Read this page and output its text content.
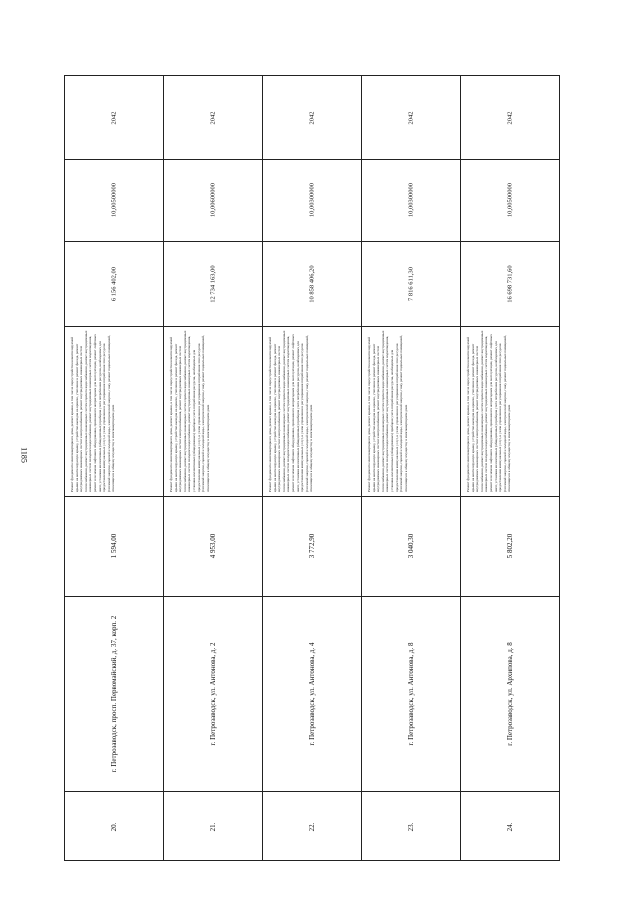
1185
20.
г. Петрозаводск, просп. Первомайский, д. 37, корп. 2
1 594,00
Ремонт фундамента многоквартирного дома, ремонт крыши, в том числе переустройство невентилируемой крыши на вентилируемую крышу, устройство выходов на кровлю, утепление и ремонт фасада, ремонт внутридомовых инженерных систем электроснабжения, ремонт внутридомовых инженерных систем теплоснабжения, ремонт внутридомовых инженерных систем горячего водоснабжения, ремонт внутридомовых инженерных систем холодного водоснабжения, ремонт внутридомовых инженерных систем водоотведения, ремонт или замена лифтового оборудования, признанного непригодным для эксплуатации, ремонт лифтовых шахт, установка коллективных (общедомовых) приборов учета потребления ресурсов, необходимых для предоставления коммунальных услуг, и узлов управления и регулирования потребления этих ресурсов (тепловой энергии, горячей и холодной воды, электрической энергии, газа), ремонт подвальных помещений, относящихся к общему имуществу в многоквартирном доме
6 156 402,00
10,00500000
2042
21.
г. Петрозаводск, ул. Антонова, д. 2
4 953,00
Ремонт фундамента многоквартирного дома, ремонт крыши, в том числе переустройство невентилируемой крыши на вентилируемую крышу, устройство выходов на кровлю, утепление и ремонт фасада, ремонт внутридомовых инженерных систем электроснабжения, ремонт внутридомовых инженерных систем теплоснабжения, ремонт внутридомовых инженерных систем горячего водоснабжения, ремонт внутридомовых инженерных систем холодного водоснабжения, ремонт внутридомовых инженерных систем водоотведения, установка коллективных (общедомовых) приборов учета потребления ресурсов, необходимых для предоставления коммунальных услуг, и узлов управления и регулирования потребления этих ресурсов (тепловой энергии, горячей и холодной воды, электрической энергии, газа), ремонт подвальных помещений, относящихся к общему имуществу в многоквартирном доме
12 734 163,00
10,00600000
2042
22.
г. Петрозаводск, ул. Антонова, д. 4
3 772,90
Ремонт фундамента многоквартирного дома, ремонт крыши, в том числе переустройство невентилируемой крыши на вентилируемую крышу, устройство выходов на кровлю, утепление и ремонт фасада, ремонт внутридомовых инженерных систем электроснабжения, ремонт внутридомовых инженерных систем теплоснабжения, ремонт внутридомовых инженерных систем горячего водоснабжения, ремонт внутридомовых инженерных систем холодного водоснабжения, ремонт внутридомовых инженерных систем водоотведения, ремонт или замена лифтового оборудования, признанного непригодным для эксплуатации, ремонт лифтовых шахт, установка коллективных (общедомовых) приборов учета потребления ресурсов, необходимых для предоставления коммунальных услуг, и узлов управления и регулирования потребления этих ресурсов (тепловой энергии, горячей и холодной воды, электрической энергии, газа), ремонт подвальных помещений, относящихся к общему имуществу в многоквартирном доме
10 858 406,20
10,00300000
2042
23.
г. Петрозаводск, ул. Антонова, д. 8
3 040,30
Ремонт фундамента многоквартирного дома, ремонт крыши, в том числе переустройство невентилируемой крыши на вентилируемую крышу, устройство выходов на кровлю, утепление и ремонт фасада, ремонт внутридомовых инженерных систем электроснабжения, ремонт внутридомовых инженерных систем теплоснабжения, ремонт внутридомовых инженерных систем горячего водоснабжения, ремонт внутридомовых инженерных систем холодного водоснабжения, ремонт внутридомовых инженерных систем водоотведения, установка коллективных (общедомовых) приборов учета потребления ресурсов, необходимых для предоставления коммунальных услуг, и узлов управления и регулирования потребления этих ресурсов (тепловой энергии, горячей и холодной воды, электрической энергии, газа), ремонт подвальных помещений, относящихся к общему имуществу в многоквартирном доме
7 816 611,30
10,00300000
2042
24.
г. Петрозаводск, ул. Архипова, д. 8
5 802,20
Ремонт фундамента многоквартирного дома, ремонт крыши, в том числе переустройство невентилируемой крыши на вентилируемую крышу, устройство выходов на кровлю, утепление и ремонт фасада, ремонт внутридомовых инженерных систем электроснабжения, ремонт внутридомовых инженерных систем теплоснабжения, ремонт внутридомовых инженерных систем горячего водоснабжения, ремонт внутридомовых инженерных систем холодного водоснабжения, ремонт внутридомовых инженерных систем водоотведения, ремонт или замена лифтового оборудования, признанного непригодным для эксплуатации, ремонт лифтовых шахт, установка коллективных (общедомовых) приборов учета потребления ресурсов, необходимых для предоставления коммунальных услуг, и узлов управления и регулирования потребления этих ресурсов (тепловой энергии, горячей и холодной воды, электрической энергии, газа), ремонт подвальных помещений, относящихся к общему имуществу в многоквартирном доме
16 698 731,60
10,00500000
2042
